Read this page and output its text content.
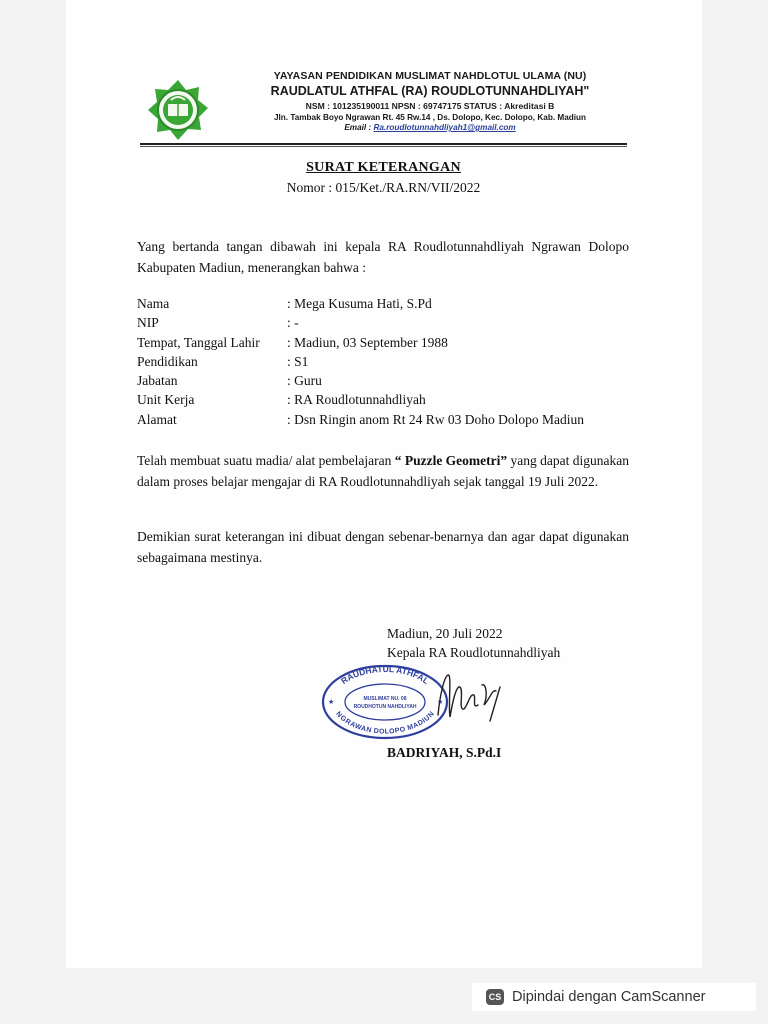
YAYASAN PENDIDIKAN MUSLIMAT NAHDLOTUL ULAMA (NU)
RAUDLATUL ATHFAL (RA) ROUDLOTUNNAHDLIYAH"
NSM : 101235190011 NPSN : 69747175 STATUS : Akreditasi B
Jln. Tambak Boyo Ngrawan Rt. 45 Rw.14 , Ds. Dolopo, Kec. Dolopo, Kab. Madiun
Email : Ra.roudlotunnahdliyah1@gmail.com
SURAT KETERANGAN
Nomor : 015/Ket./RA.RN/VII/2022
Yang bertanda tangan dibawah ini kepala RA Roudlotunnahdliyah Ngrawan Dolopo Kabupaten Madiun, menerangkan bahwa :
Nama	: Mega Kusuma Hati, S.Pd
NIP	: -
Tempat, Tanggal Lahir	: Madiun, 03 September 1988
Pendidikan	: S1
Jabatan	: Guru
Unit Kerja	: RA Roudlotunnahdliyah
Alamat	: Dsn Ringin anom Rt 24 Rw 03 Doho Dolopo Madiun
Telah membuat suatu madia/ alat pembelajaran “ Puzzle Geometri” yang dapat digunakan dalam proses belajar mengajar di RA Roudlotunnahdliyah sejak tanggal 19 Juli 2022.
Demikian surat keterangan ini dibuat dengan sebenar-benarnya dan agar dapat digunakan sebagaimana mestinya.
Madiun, 20 Juli 2022
Kepala RA Roudlotunnahdliyah
RAUDHATUL ATHFAL
NGRAWAN DOLOPO MADIUN
MUSLIMAT NU. 08
ROUDHOTUN NAHDLIYAH
★	★
BADRIYAH, S.Pd.I
CS Dipindai dengan CamScanner
